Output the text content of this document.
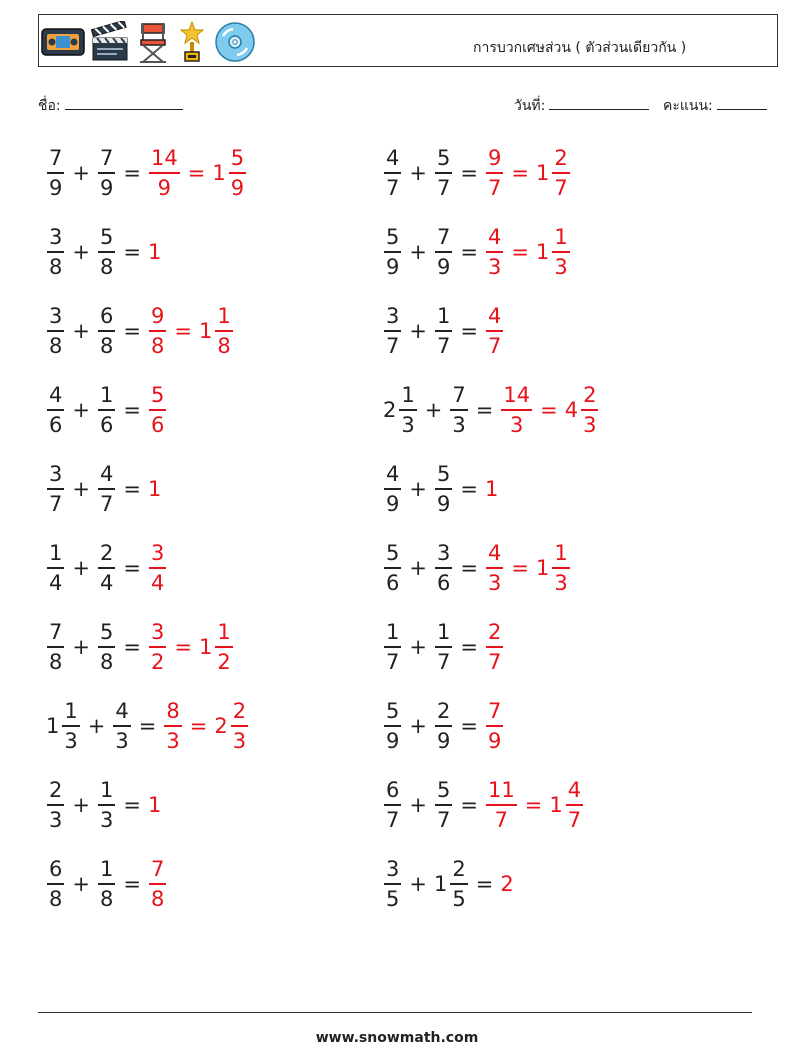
การบวกเศษส่วน ( ตัวส่วนเดียวกัน )
ชื่อ:	วันที่:	คะแนน:
$\frac{7}{9} + \frac{7}{9} = \frac{14}{9} = 1 \frac{5}{9}$
$\frac{3}{8} + \frac{5}{8} = 1$
$\frac{3}{8} + \frac{6}{8} = \frac{9}{8} = 1 \frac{1}{8}$
$\frac{4}{6} + \frac{1}{6} = \frac{5}{6}$
$\frac{3}{7} + \frac{4}{7} = 1$
$\frac{1}{4} + \frac{2}{4} = \frac{3}{4}$
$\frac{7}{8} + \frac{5}{8} = \frac{3}{2} = 1 \frac{1}{2}$
$1 \frac{1}{3} + \frac{4}{3} = \frac{8}{3} = 2 \frac{2}{3}$
$\frac{2}{3} + \frac{1}{3} = 1$
$\frac{6}{8} + \frac{1}{8} = \frac{7}{8}$
$\frac{4}{7} + \frac{5}{7} = \frac{9}{7} = 1 \frac{2}{7}$
$\frac{5}{9} + \frac{7}{9} = \frac{4}{3} = 1 \frac{1}{3}$
$\frac{3}{7} + \frac{1}{7} = \frac{4}{7}$
$2 \frac{1}{3} + \frac{7}{3} = \frac{14}{3} = 4 \frac{2}{3}$
$\frac{4}{9} + \frac{5}{9} = 1$
$\frac{5}{6} + \frac{3}{6} = \frac{4}{3} = 1 \frac{1}{3}$
$\frac{1}{7} + \frac{1}{7} = \frac{2}{7}$
$\frac{5}{9} + \frac{2}{9} = \frac{7}{9}$
$\frac{6}{7} + \frac{5}{7} = \frac{11}{7} = 1 \frac{4}{7}$
$\frac{3}{5} + 1 \frac{2}{5} = 2$
www.snowmath.com
